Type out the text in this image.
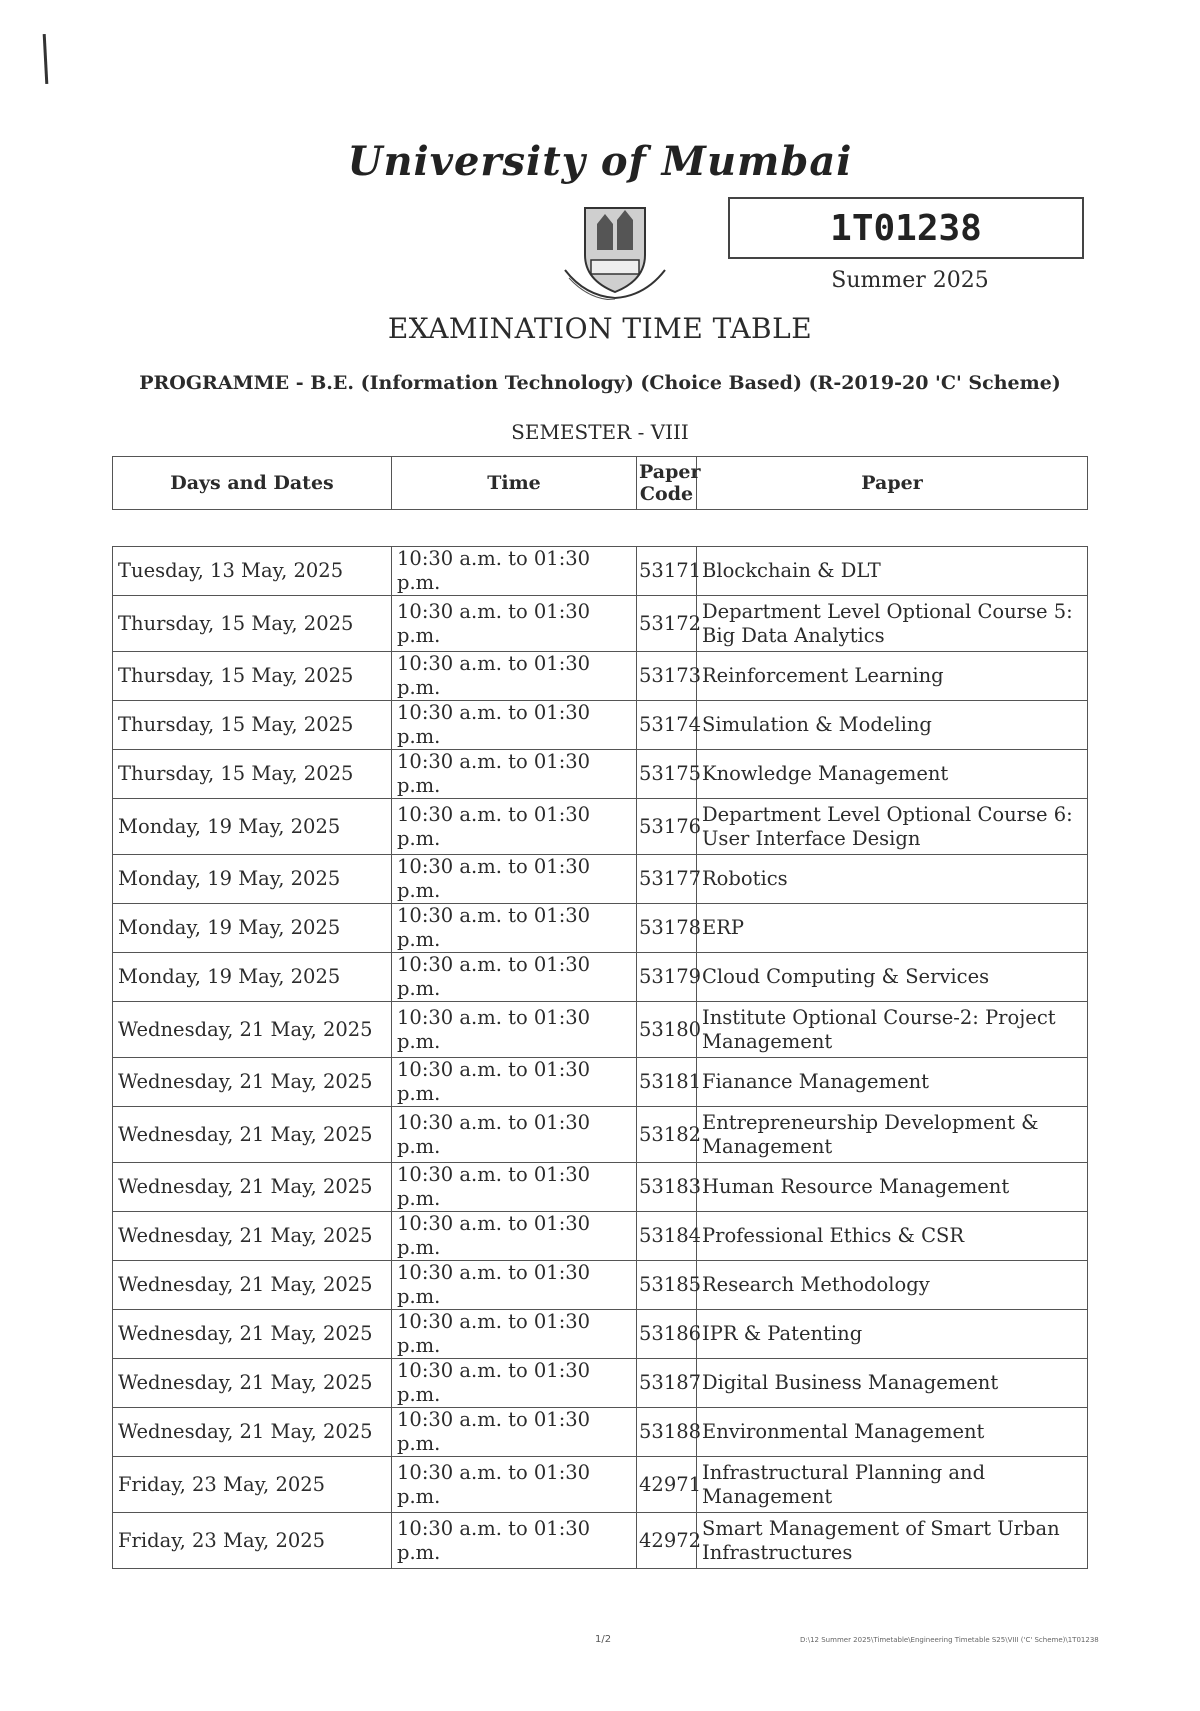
University of Mumbai
1T01238
Summer 2025
EXAMINATION TIME TABLE
PROGRAMME - B.E. (Information Technology) (Choice Based) (R-2019-20 'C' Scheme)
SEMESTER - VIII
Days and Dates	Time	Paper Code	Paper
Tuesday, 13 May, 2025	10:30 a.m. to 01:30 p.m.	53171	Blockchain & DLT
Thursday, 15 May, 2025	10:30 a.m. to 01:30 p.m.	53172	Department Level Optional Course 5: Big Data Analytics
Thursday, 15 May, 2025	10:30 a.m. to 01:30 p.m.	53173	Reinforcement Learning
Thursday, 15 May, 2025	10:30 a.m. to 01:30 p.m.	53174	Simulation & Modeling
Thursday, 15 May, 2025	10:30 a.m. to 01:30 p.m.	53175	Knowledge Management
Monday, 19 May, 2025	10:30 a.m. to 01:30 p.m.	53176	Department Level Optional Course 6: User Interface Design
Monday, 19 May, 2025	10:30 a.m. to 01:30 p.m.	53177	Robotics
Monday, 19 May, 2025	10:30 a.m. to 01:30 p.m.	53178	ERP
Monday, 19 May, 2025	10:30 a.m. to 01:30 p.m.	53179	Cloud Computing & Services
Wednesday, 21 May, 2025	10:30 a.m. to 01:30 p.m.	53180	Institute Optional Course-2: Project Management
Wednesday, 21 May, 2025	10:30 a.m. to 01:30 p.m.	53181	Fianance Management
Wednesday, 21 May, 2025	10:30 a.m. to 01:30 p.m.	53182	Entrepreneurship Development & Management
Wednesday, 21 May, 2025	10:30 a.m. to 01:30 p.m.	53183	Human Resource Management
Wednesday, 21 May, 2025	10:30 a.m. to 01:30 p.m.	53184	Professional Ethics & CSR
Wednesday, 21 May, 2025	10:30 a.m. to 01:30 p.m.	53185	Research Methodology
Wednesday, 21 May, 2025	10:30 a.m. to 01:30 p.m.	53186	IPR & Patenting
Wednesday, 21 May, 2025	10:30 a.m. to 01:30 p.m.	53187	Digital Business Management
Wednesday, 21 May, 2025	10:30 a.m. to 01:30 p.m.	53188	Environmental Management
Friday, 23 May, 2025	10:30 a.m. to 01:30 p.m.	42971	Infrastructural Planning and Management
Friday, 23 May, 2025	10:30 a.m. to 01:30 p.m.	42972	Smart Management of Smart Urban Infrastructures
1/2	D:\12 Summer 2025\Timetable\Engineering Timetable S25\VIII ('C' Scheme)\1T01238
